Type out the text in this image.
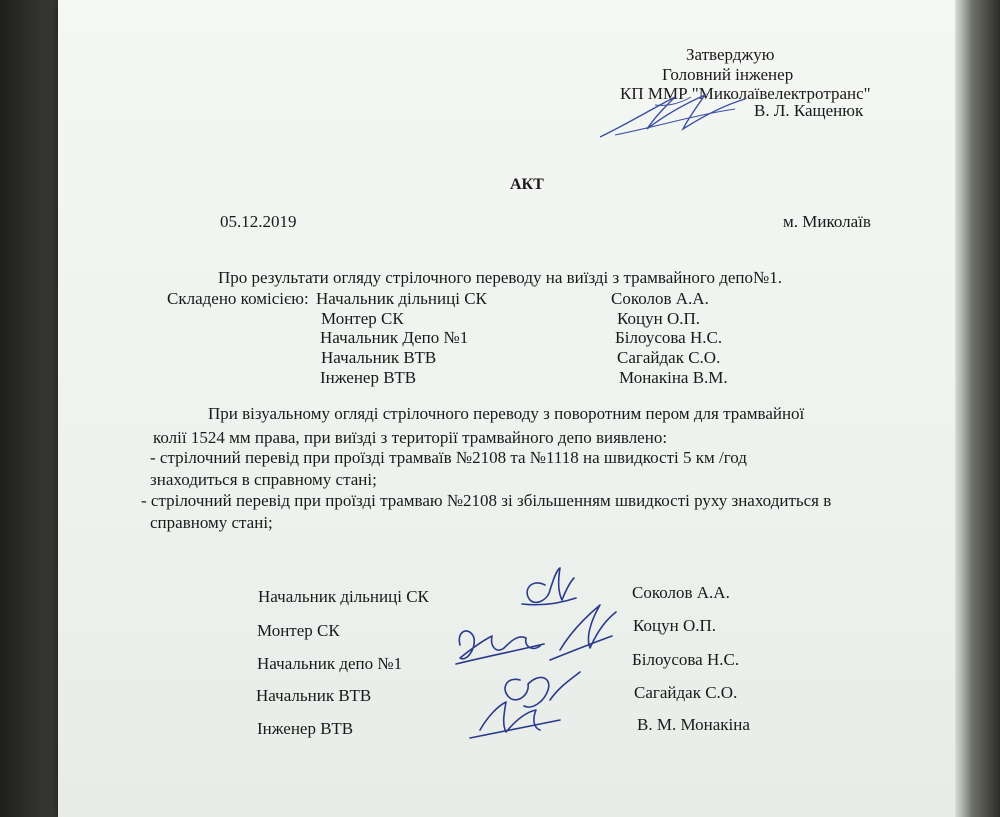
Затверджую
Головний інженер
КП ММР "Миколаївелектротранс"
В. Л. Кащенюк
АКТ
05.12.2019	м. Миколаїв
Про результати огляду стрілочного переводу на виїзді з трамвайного депо№1.
Складено комісією: Начальник дільниці СК	Соколов А.А.
Монтер СК	Коцун О.П.
Начальник Депо №1	Білоусова Н.С.
Начальник ВТВ	Сагайдак С.О.
Інженер ВТВ	Монакіна В.М.
При візуальному огляді стрілочного переводу з поворотним пером для трамвайної
колії 1524 мм права, при виїзді з території трамвайного депо виявлено:
- стрілочний перевід при проїзді трамваїв №2108 та №1118 на швидкості 5 км /год
знаходиться в справному стані;
- стрілочний перевід при проїзді трамваю №2108 зі збільшенням швидкості руху знаходиться в
справному стані;
Начальник дільниці СК	Соколов А.А.
Монтер СК	Коцун О.П.
Начальник депо №1	Білоусова Н.С.
Начальник ВТВ	Сагайдак С.О.
Інженер ВТВ	В. М. Монакіна
